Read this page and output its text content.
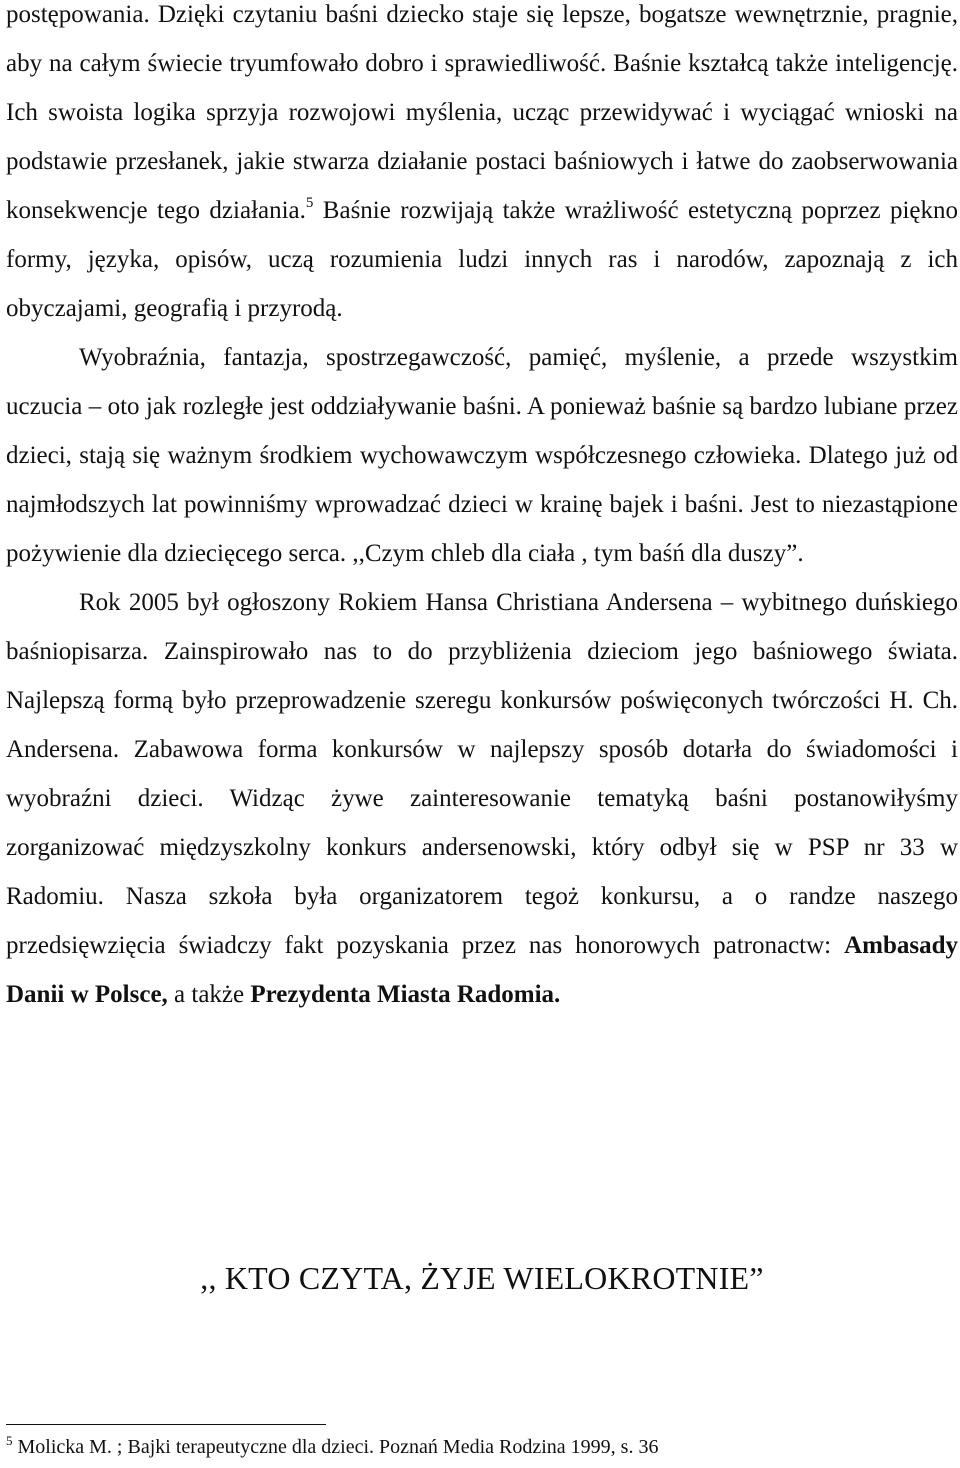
postępowania. Dzięki czytaniu baśni dziecko staje się lepsze, bogatsze wewnętrznie, pragnie, aby na całym świecie tryumfowało dobro i sprawiedliwość. Baśnie kształcą także inteligencję. Ich swoista logika sprzyja rozwojowi myślenia, ucząc przewidywać i wyciągać wnioski na podstawie przesłanek, jakie stwarza działanie postaci baśniowych i łatwe do zaobserwowania konsekwencje tego działania.$^5$ Baśnie rozwijają także wrażliwość estetyczną poprzez piękno formy, języka, opisów, uczą rozumienia ludzi innych ras i narodów, zapoznają z ich obyczajami, geografią i przyrodą.

Wyobraźnia, fantazja, spostrzegawczość, pamięć, myślenie, a przede wszystkim uczucia – oto jak rozległe jest oddziaływanie baśni. A ponieważ baśnie są bardzo lubiane przez dzieci, stają się ważnym środkiem wychowawczym współczesnego człowieka. Dlatego już od najmłodszych lat powinniśmy wprowadzać dzieci w krainę bajek i baśni. Jest to niezastąpione pożywienie dla dziecięcego serca. ,,Czym chleb dla ciała , tym baśń dla duszy”.

Rok 2005 był ogłoszony Rokiem Hansa Christiana Andersena – wybitnego duńskiego baśniopisarza. Zainspirowało nas to do przybliżenia dzieciom jego baśniowego świata. Najlepszą formą było przeprowadzenie szeregu konkursów poświęconych twórczości H. Ch. Andersena. Zabawowa forma konkursów w najlepszy sposób dotarła do świadomości i wyobraźni dzieci. Widząc żywe zainteresowanie tematyką baśni postanowiłyśmy zorganizować międzyszkolny konkurs andersenowski, który odbył się w PSP nr 33 w Radomiu. Nasza szkoła była organizatorem tegoż konkursu, a o randze naszego przedsięwzięcia świadczy fakt pozyskania przez nas honorowych patronactw: Ambasady Danii w Polsce, a także Prezydenta Miasta Radomia.

,, KTO CZYTA, ŻYJE WIELOKROTNIE”

$^5$ Molicka M. ; Bajki terapeutyczne dla dzieci. Poznań Media Rodzina 1999, s. 36
